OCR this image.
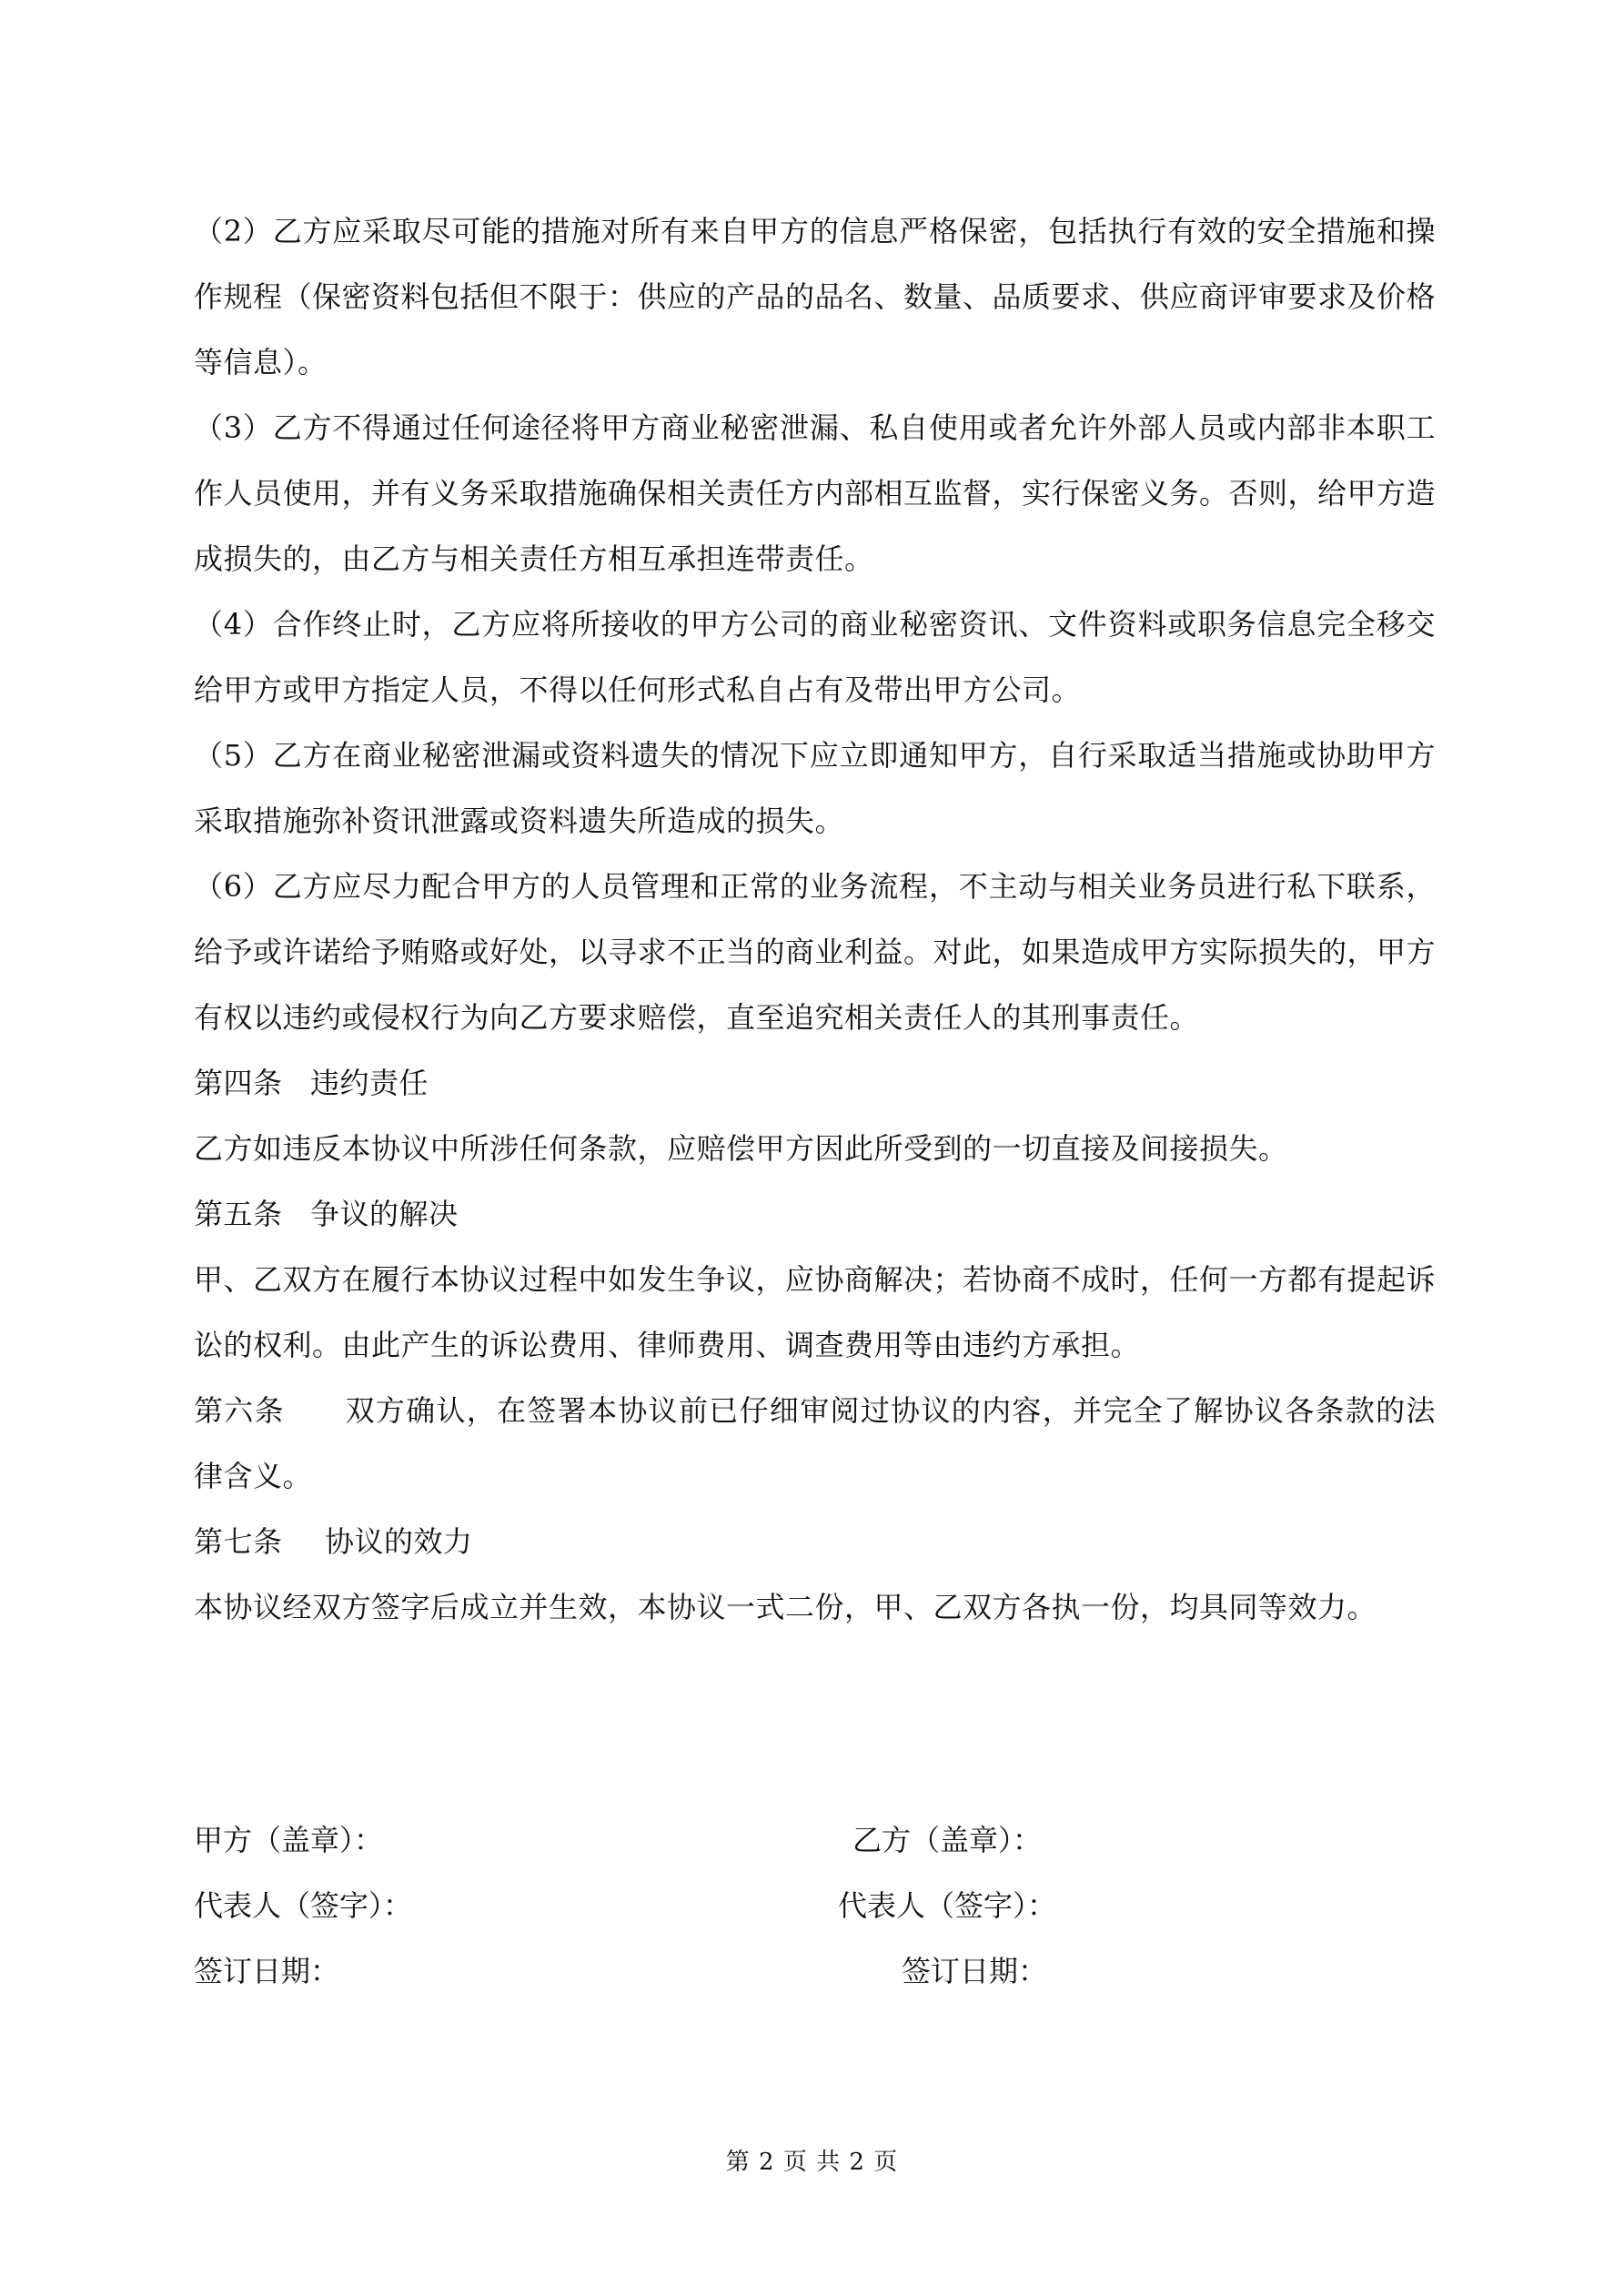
（2）乙方应采取尽可能的措施对所有来自甲方的信息严格保密，包括执行有效的安全措施和操作规程（保密资料包括但不限于：供应的产品的品名、数量、品质要求、供应商评审要求及价格等信息）。

（3）乙方不得通过任何途径将甲方商业秘密泄漏、私自使用或者允许外部人员或内部非本职工作人员使用，并有义务采取措施确保相关责任方内部相互监督，实行保密义务。否则，给甲方造成损失的，由乙方与相关责任方相互承担连带责任。

（4）合作终止时，乙方应将所接收的甲方公司的商业秘密资讯、文件资料或职务信息完全移交给甲方或甲方指定人员，不得以任何形式私自占有及带出甲方公司。

（5）乙方在商业秘密泄漏或资料遗失的情况下应立即通知甲方，自行采取适当措施或协助甲方采取措施弥补资讯泄露或资料遗失所造成的损失。

（6）乙方应尽力配合甲方的人员管理和正常的业务流程，不主动与相关业务员进行私下联系，给予或许诺给予贿赂或好处，以寻求不正当的商业利益。对此，如果造成甲方实际损失的，甲方有权以违约或侵权行为向乙方要求赔偿，直至追究相关责任人的其刑事责任。

第四条 违约责任

乙方如违反本协议中所涉任何条款，应赔偿甲方因此所受到的一切直接及间接损失。

第五条 争议的解决

甲、乙双方在履行本协议过程中如发生争议，应协商解决；若协商不成时，任何一方都有提起诉讼的权利。由此产生的诉讼费用、律师费用、调查费用等由违约方承担。

第六条　　 双方确认，在签署本协议前已仔细审阅过协议的内容，并完全了解协议各条款的法律含义。

第七条 协议的效力

本协议经双方签字后成立并生效，本协议一式二份，甲、乙双方各执一份，均具同等效力。

甲方（盖章）：	乙方（盖章）：
代表人（签字）：	代表人（签字）：
签订日期：	签订日期：
第 2 页 共 2 页
